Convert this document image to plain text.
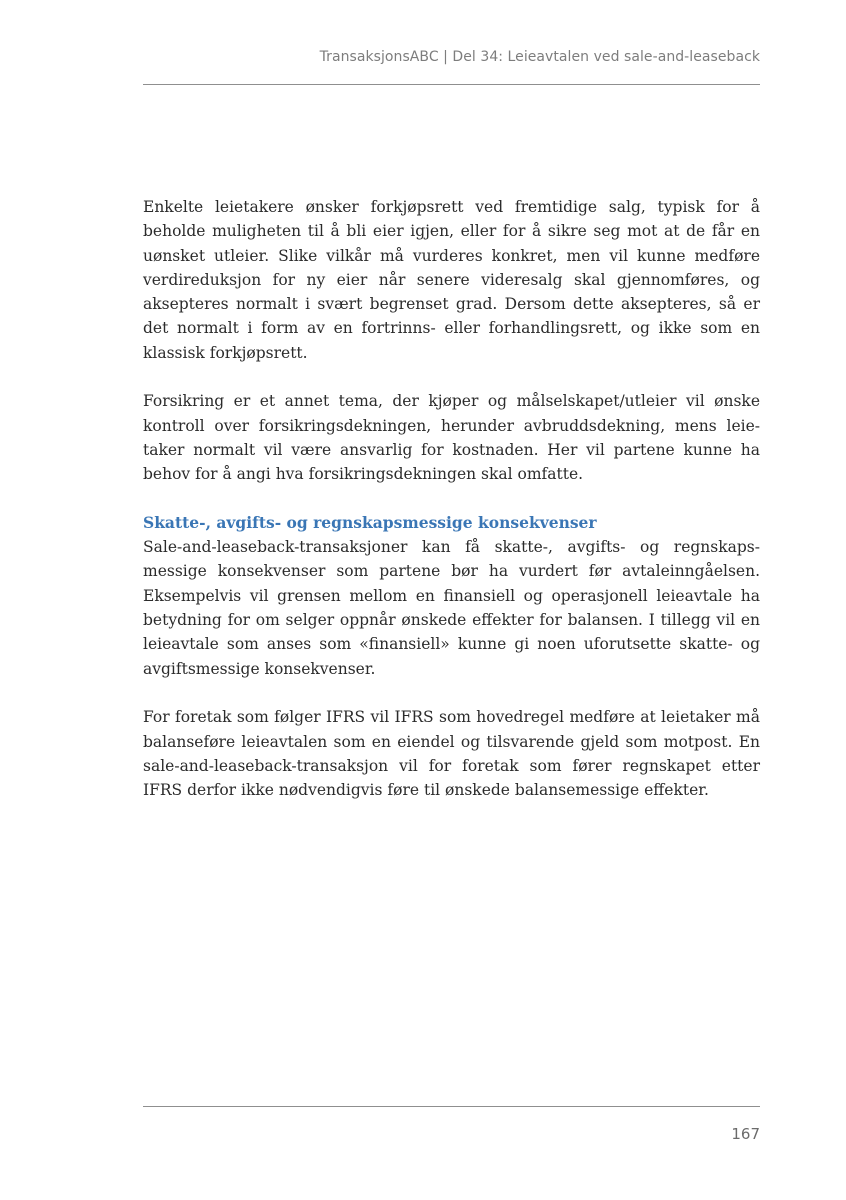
TransaksjonsABC | Del 34: Leieavtalen ved sale-and-leaseback

Enkelte leietakere ønsker forkjøpsrett ved fremtidige salg, typisk for å beholde muligheten til å bli eier igjen, eller for å sikre seg mot at de får en uønsket utleier. Slike vilkår må vurderes konkret, men vil kunne medføre verdireduksjon for ny eier når senere videresalg skal gjennomføres, og aksepteres normalt i svært begrenset grad. Dersom dette aksepteres, så er det normalt i form av en fortrinns- eller forhandlingsrett, og ikke som en klassisk forkjøpsrett.

Forsikring er et annet tema, der kjøper og målselskapet/utleier vil ønske kontroll over forsikringsdekningen, herunder avbruddsdekning, mens leietaker normalt vil være ansvarlig for kostnaden. Her vil partene kunne ha behov for å angi hva forsikringsdekningen skal omfatte.

Skatte-, avgifts- og regnskapsmessige konsekvenser

Sale-and-leaseback-transaksjoner kan få skatte-, avgifts- og regnskapsmessige konsekvenser som partene bør ha vurdert før avtaleinngåelsen. Eksempelvis vil grensen mellom en finansiell og operasjonell leieavtale ha betydning for om selger oppnår ønskede effekter for balansen. I tillegg vil en leieavtale som anses som «finansiell» kunne gi noen uforutsette skatte- og avgiftsmessige konsekvenser.

For foretak som følger IFRS vil IFRS som hovedregel medføre at leietaker må balanseføre leieavtalen som en eiendel og tilsvarende gjeld som motpost. En sale-and-leaseback-transaksjon vil for foretak som fører regnskapet etter IFRS derfor ikke nødvendigvis føre til ønskede balansemessige effekter.

167
